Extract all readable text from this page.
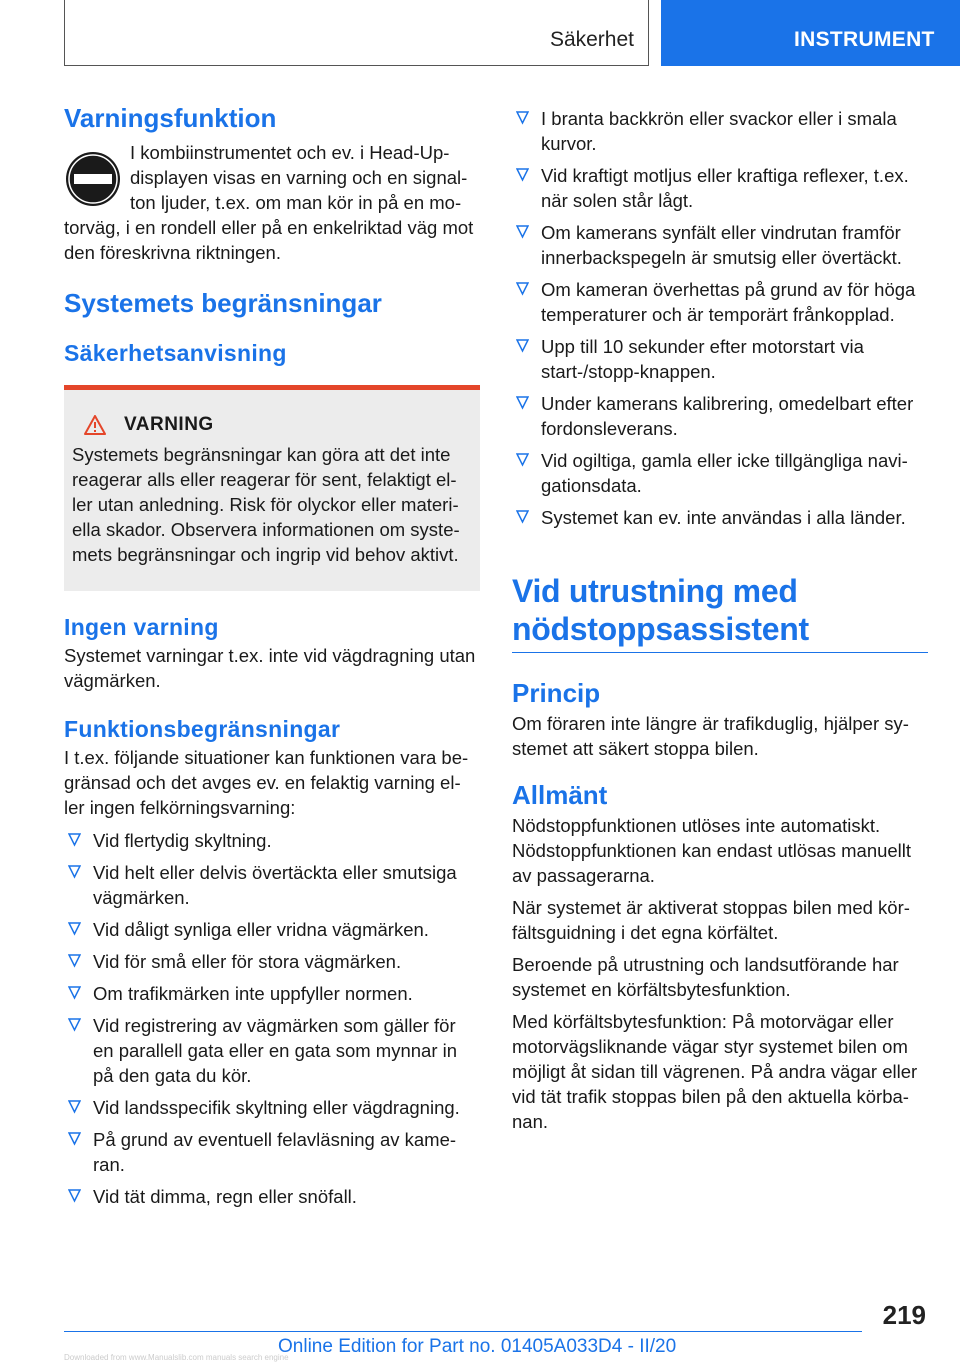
Säkerhet	INSTRUMENT
Varningsfunktion

I kombiinstrumentet och ev. i Head-Up-displayen visas en varning och en signal-ton ljuder, t.ex. om man kör in på en mo-torväg, i en rondell eller på en enkelriktad väg mot den föreskrivna riktningen.

Systemets begränsningar
Säkerhetsanvisning
VARNING

Systemets begränsningar kan göra att det inte reagerar alls eller reagerar för sent, felaktigt el-ler utan anledning. Risk för olyckor eller materi-ella skador. Observera informationen om syste-mets begränsningar och ingrip vid behov aktivt.

Ingen varning

Systemet varningar t.ex. inte vid vägdragning utan vägmärken.

Funktionsbegränsningar

I t.ex. följande situationer kan funktionen vara be-gränsad och det avges ev. en felaktig varning el-ler ingen felkörningsvarning:

Vid flertydig skyltning.
Vid helt eller delvis övertäckta eller smutsiga vägmärken.
Vid dåligt synliga eller vridna vägmärken.
Vid för små eller för stora vägmärken.
Om trafikmärken inte uppfyller normen.
Vid registrering av vägmärken som gäller för en parallell gata eller en gata som mynnar in på den gata du kör.
Vid landsspecifik skyltning eller vägdragning.
På grund av eventuell felavläsning av kame-ran.
Vid tät dimma, regn eller snöfall.
I branta backkrön eller svackor eller i smala kurvor.
Vid kraftigt motljus eller kraftiga reflexer, t.ex. när solen står lågt.
Om kamerans synfält eller vindrutan framför innerbackspegeln är smutsig eller övertäckt.
Om kameran överhettas på grund av för höga temperaturer och är temporärt frånkopplad.
Upp till 10 sekunder efter motorstart via start-/stopp-knappen.
Under kamerans kalibrering, omedelbart efter fordonsleverans.
Vid ogiltiga, gamla eller icke tillgängliga navi-gationsdata.
Systemet kan ev. inte användas i alla länder.
Vid utrustning med
nödstoppsassistent
Princip

Om föraren inte längre är trafikduglig, hjälper sy-stemet att säkert stoppa bilen.

Allmänt

Nödstoppfunktionen utlöses inte automatiskt. Nödstoppfunktionen kan endast utlösas manuellt av passagerarna.

När systemet är aktiverat stoppas bilen med kör-fältsguidning i det egna körfältet.

Beroende på utrustning och landsutförande har systemet en körfältsbytesfunktion.

Med körfältsbytesfunktion: På motorvägar eller motorvägsliknande vägar styr systemet bilen om möjligt åt sidan till vägrenen. På andra vägar eller vid tät trafik stoppas bilen på den aktuella körba-nan.

219
Online Edition for Part no. 01405A033D4 - II/20
Downloaded from www.Manualslib.com manuals search engine
